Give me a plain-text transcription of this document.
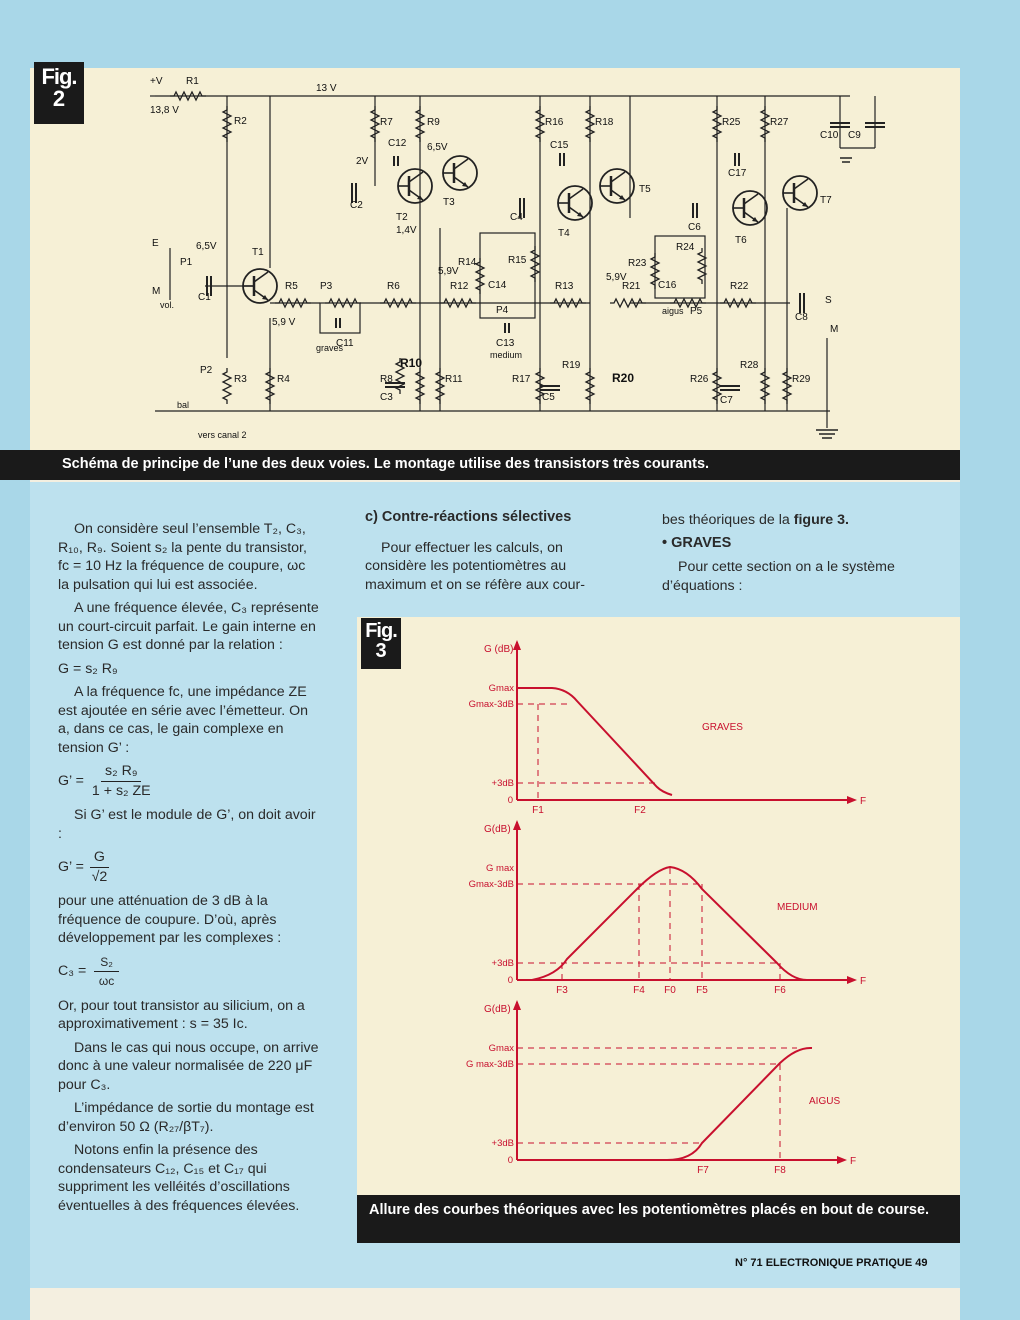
Fig.
2
+V R1
13,8 V
13 V
R2
R3	R4
R5	R6
R7
R8
R9
R10
R11
R12	R13
R14	R15
R16
R17
R18
R19
R20
R21	R22
R23
R24
R25
R26
R27
R28
R29
C1
C2
C3
C4
C5
C6
C7
C8
C9
C10
C11
C12
C13
C14
C15
C16
C17
T1
T2
T3
T4
T5
T6
T7
P1
P2
P3
P4	P5
E
M
vol.
bal
6,5V
5,9 V
2V
6,5V
1,4V
5,9V
5,9V
graves
medium
aigus
S
M
vers canal 2
Schéma de principe de l’une des deux voies. Le montage utilise des transistors très courants.

On considère seul l’ensemble T₂, C₃, R₁₀, R₉. Soient s₂ la pente du transistor, fc = 10 Hz la fréquence de coupure, ωc la pulsation qui lui est associée.

A une fréquence élevée, C₃ représente un court-circuit parfait. Le gain interne en tension G est donné par la relation :

G = s₂ R₉

A la fréquence fc, une impédance ZE est ajoutée en série avec l’émetteur. On a, dans ce cas, le gain complexe en tension G’ :

G’ = $\frac{\text{s₂ R₉}}{\text{1 + s₂ ZE}}$

Si G’ est le module de G’, on doit avoir :

G’ = $\frac{G}{√2}$

pour une atténuation de 3 dB à la fréquence de coupure. D’où, après développement par les complexes :

$C_3 = \frac{\text{S₂}}{\omega c}$

Or, pour tout transistor au silicium, on a approximativement : s = 35 Ic.

Dans le cas qui nous occupe, on arrive donc à une valeur normalisée de 220 μF pour C₃.

L’impédance de sortie du montage est d’environ 50 Ω (R₂₇/βT₇).

Notons enfin la présence des condensateurs C₁₂, C₁₅ et C₁₇ qui suppriment les velléités d’oscillations éventuelles à des fréquences élevées.

c) Contre-réactions sélectives

Pour effectuer les calculs, on considère les potentiomètres au maximum et on se réfère aux cour-

bes théoriques de la figure 3.

• GRAVES

Pour cette section on a le système d’équations :

Fig.
3	G (dB)
Gmax
Gmax-3dB
+3dB
0	F
GRAVES
F1	F2
G(dB)
G max
Gmax-3dB
+3dB
0	F
MEDIUM
F3	F4 F0 F5	F6
G(dB)
Gmax
G max-3dB
+3dB
0	F
AIGUS
F7	F8
Allure des courbes théoriques avec les potentiomètres placés en bout de course.
N° 71 ELECTRONIQUE PRATIQUE 49
